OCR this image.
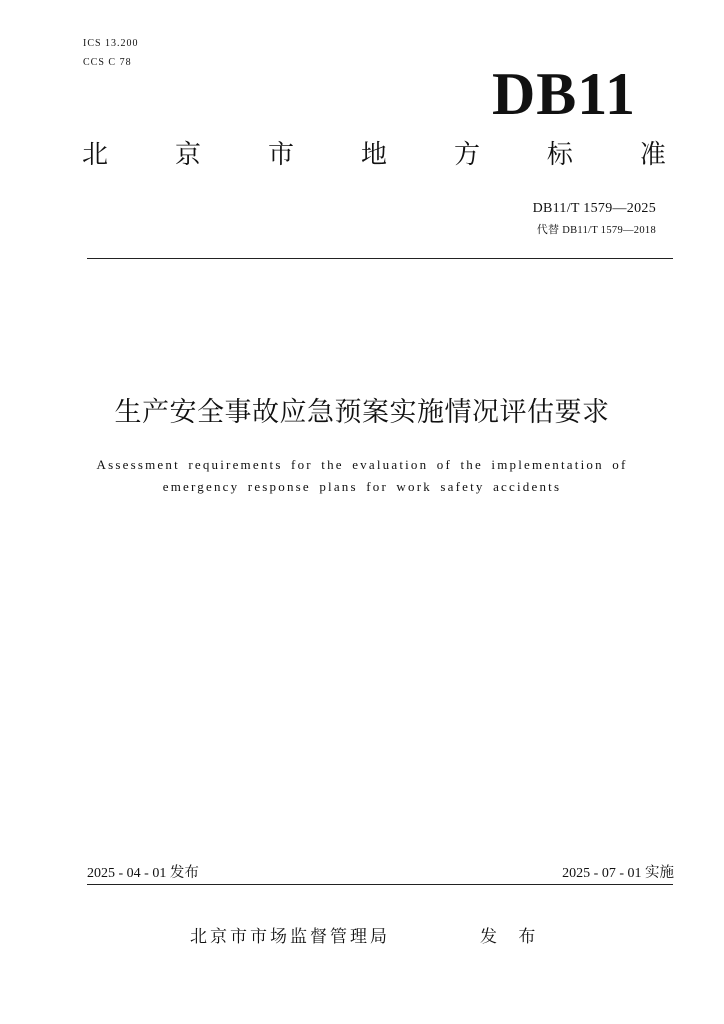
ICS 13.200
CCS C 78	DB11
北	京	市	地	方	标	准
DB11/T 1579—2025
代替 DB11/T 1579—2018
生产安全事故应急预案实施情况评估要求
Assessment requirements for the evaluation of the implementation of
emergency response plans for work safety accidents
2025 - 04 - 01 发布	2025 - 07 - 01 实施
北京市市场监督管理局	发 布
